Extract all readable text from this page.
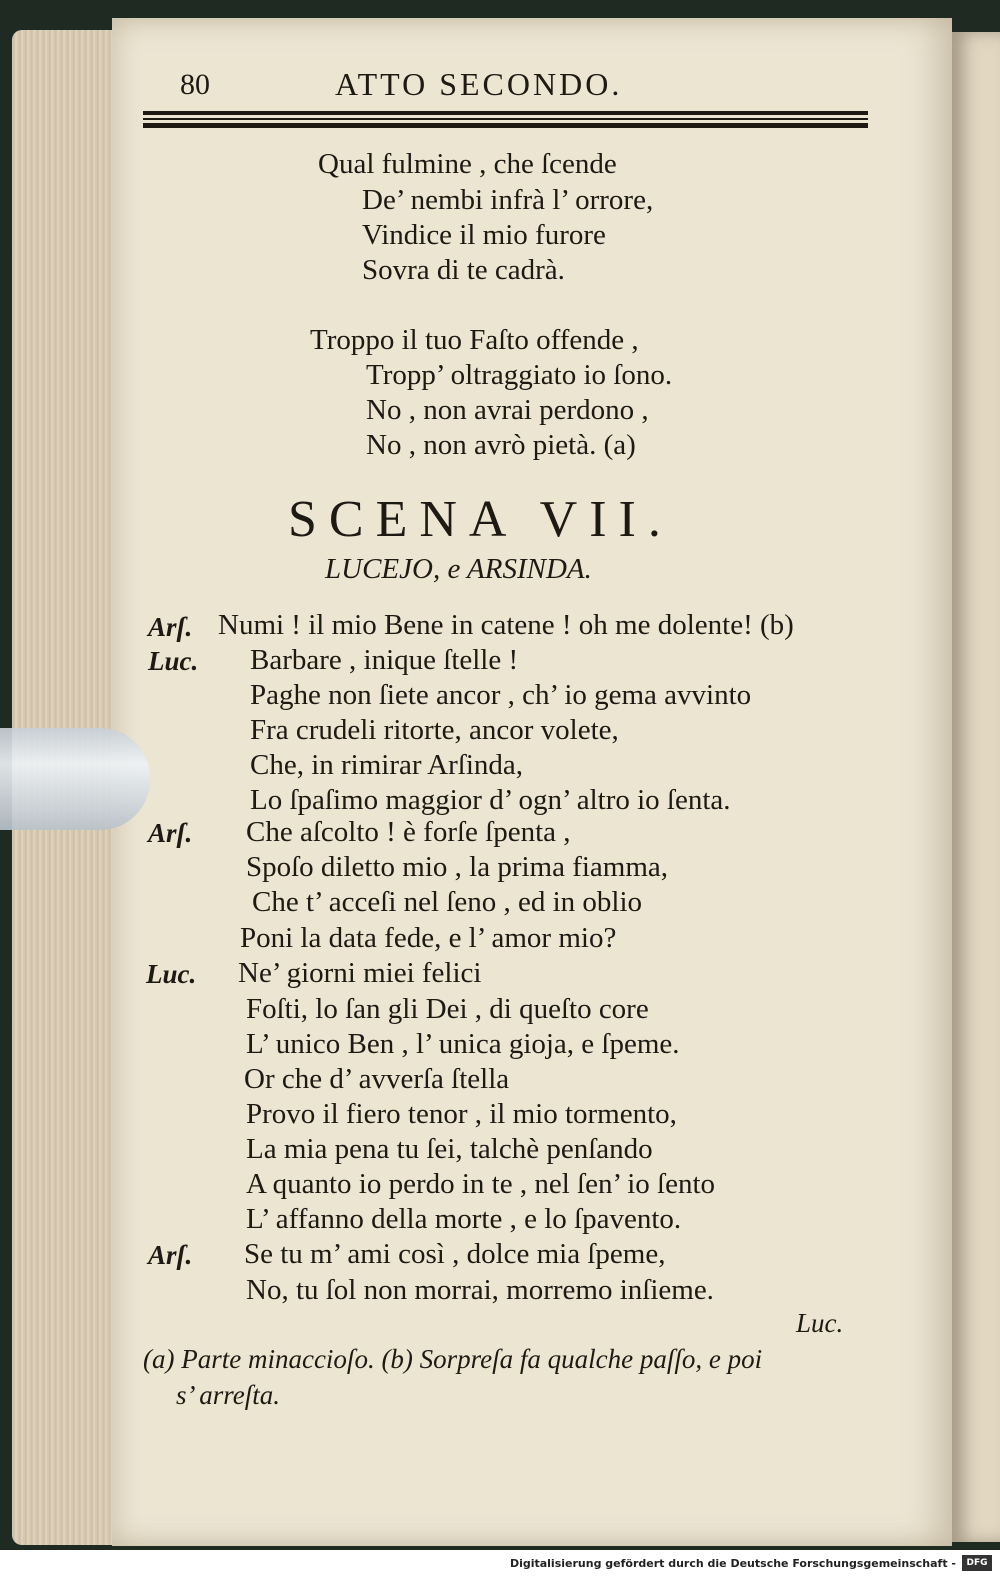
80	ATTO SECONDO.
Qual fulmine , che ſcende
De’ nembi infrà l’ orrore,
Vindice il mio furore
Sovra di te cadrà.
Troppo il tuo Faſto offende ,
Tropp’ oltraggiato io ſono.
No , non avrai perdono ,
No , non avrò pietà. (a)
SCENA VII.
LUCEJO, e ARSINDA.
Arſ. Numi ! il mio Bene in catene ! oh me dolente! (b)
Luc. Barbare , inique ſtelle !
Paghe non ſiete ancor , ch’ io gema avvinto
Fra crudeli ritorte, ancor volete,
Che, in rimirar Arſinda,
Lo ſpaſimo maggior d’ ogn’ altro io ſenta.
Arſ. Che aſcolto ! è forſe ſpenta ,
Spoſo diletto mio , la prima fiamma,
Che t’ acceſi nel ſeno , ed in oblio
Poni la data fede, e l’ amor mio?
Luc. Ne’ giorni miei felici
Foſti, lo ſan gli Dei , di queſto core
L’ unico Ben , l’ unica gioja, e ſpeme.
Or che d’ avverſa ſtella
Provo il fiero tenor , il mio tormento,
La mia pena tu ſei, talchè penſando
A quanto io perdo in te , nel ſen’ io ſento
L’ affanno della morte , e lo ſpavento.
Arſ. Se tu m’ ami così , dolce mia ſpeme,
No, tu ſol non morrai, morremo inſieme.
Luc.
(a) Parte minaccioſo. (b) Sorpreſa fa qualche paſſo, e poi
s’ arreſta.
Digitalisierung gefördert durch die Deutsche Forschungsgemeinschaft -	DFG
